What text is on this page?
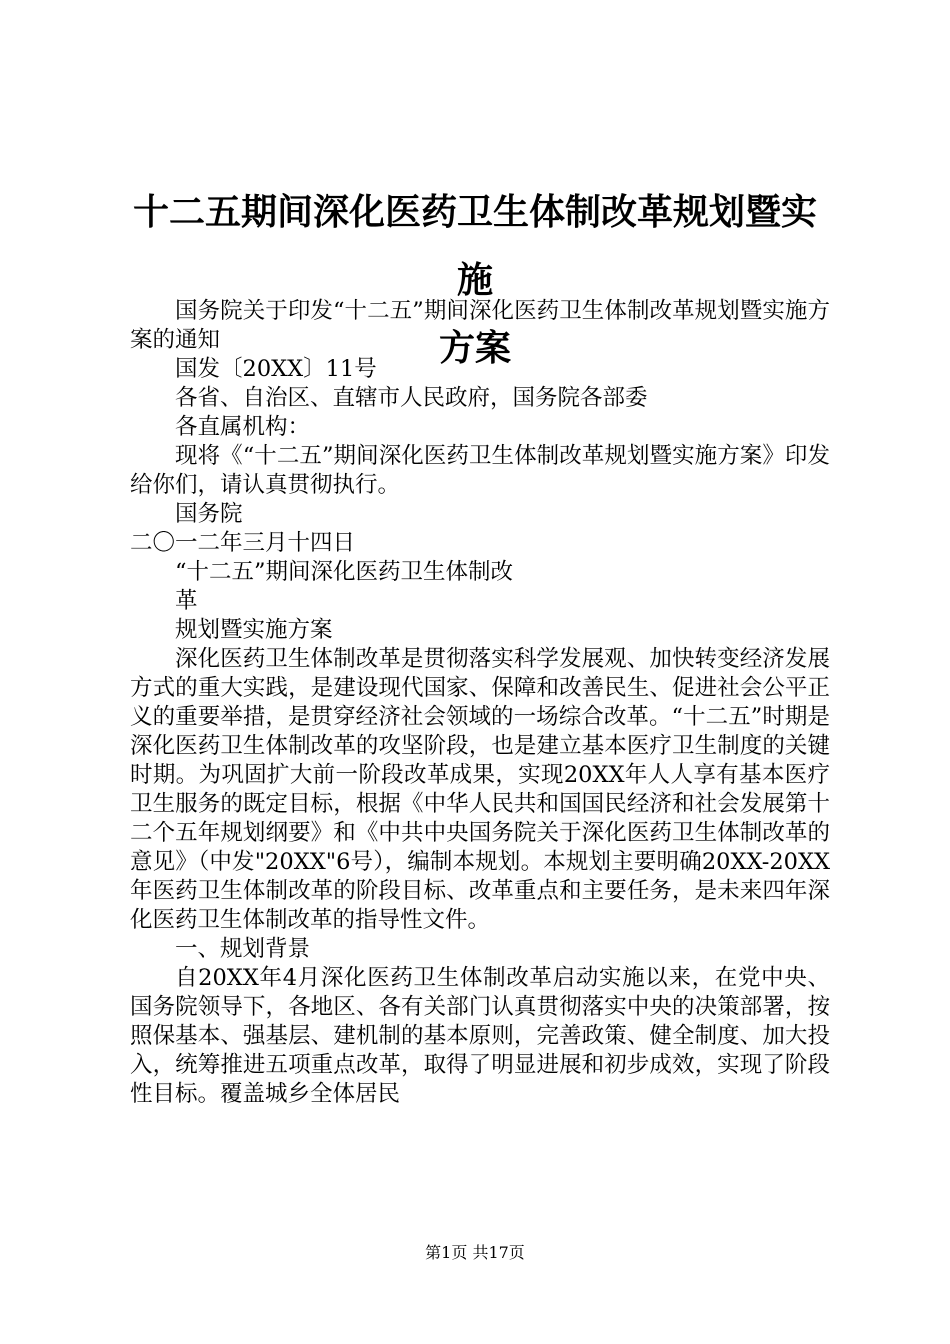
十二五期间深化医药卫生体制改革规划暨实施
方案

国务院关于印发“十二五”期间深化医药卫生体制改革规划暨实施方案的通知

国发〔20XX〕11号

各省、自治区、直辖市人民政府，国务院各部委

各直属机构：

现将《“十二五”期间深化医药卫生体制改革规划暨实施方案》印发给你们，请认真贯彻执行。

国务院

二〇一二年三月十四日

“十二五”期间深化医药卫生体制改

革

规划暨实施方案

深化医药卫生体制改革是贯彻落实科学发展观、加快转变经济发展方式的重大实践，是建设现代国家、保障和改善民生、促进社会公平正义的重要举措，是贯穿经济社会领域的一场综合改革。“十二五”时期是深化医药卫生体制改革的攻坚阶段，也是建立基本医疗卫生制度的关键时期。为巩固扩大前一阶段改革成果，实现20XX年人人享有基本医疗卫生服务的既定目标，根据《中华人民共和国国民经济和社会发展第十二个五年规划纲要》和《中共中央国务院关于深化医药卫生体制改革的意见》（中发"20XX"6号），编制本规划。本规划主要明确20XX-20XX年医药卫生体制改革的阶段目标、改革重点和主要任务，是未来四年深化医药卫生体制改革的指导性文件。

一、规划背景

自20XX年4月深化医药卫生体制改革启动实施以来，在党中央、国务院领导下，各地区、各有关部门认真贯彻落实中央的决策部署，按照保基本、强基层、建机制的基本原则，完善政策、健全制度、加大投入，统筹推进五项重点改革，取得了明显进展和初步成效，实现了阶段性目标。覆盖城乡全体居民

第1页 共17页
